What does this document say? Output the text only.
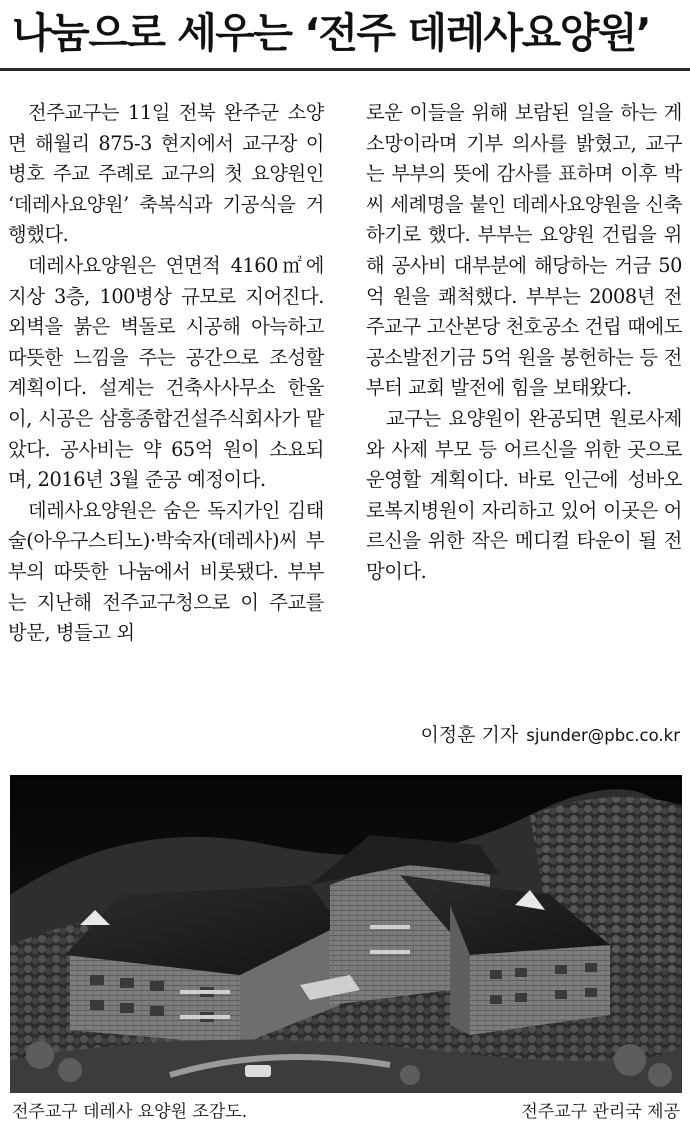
나눔으로 세우는 ‘전주 데레사요양원’

전주교구는 11일 전북 완주군 소양면 해월리 875-3 현지에서 교구장 이병호 주교 주례로 교구의 첫 요양원인 ‘데레사요양원’ 축복식과 기공식을 거행했다.

데레사요양원은 연면적 4160㎡에 지상 3층, 100병상 규모로 지어진다. 외벽을 붉은 벽돌로 시공해 아늑하고 따뜻한 느낌을 주는 공간으로 조성할 계획이다. 설계는 건축사사무소 한울이, 시공은 삼흥종합건설주식회사가 맡았다. 공사비는 약 65억 원이 소요되며, 2016년 3월 준공 예정이다.

데레사요양원은 숨은 독지가인 김태술(아우구스티노)·박숙자(데레사)씨 부부의 따뜻한 나눔에서 비롯됐다. 부부는 지난해 전주교구청으로 이 주교를 방문, 병들고 외

로운 이들을 위해 보람된 일을 하는 게 소망이라며 기부 의사를 밝혔고, 교구는 부부의 뜻에 감사를 표하며 이후 박씨 세례명을 붙인 데레사요양원을 신축하기로 했다. 부부는 요양원 건립을 위해 공사비 대부분에 해당하는 거금 50억 원을 쾌척했다. 부부는 2008년 전주교구 고산본당 천호공소 건립 때에도 공소발전기금 5억 원을 봉헌하는 등 전부터 교회 발전에 힘을 보태왔다.

교구는 요양원이 완공되면 원로사제와 사제 부모 등 어르신을 위한 곳으로 운영할 계획이다. 바로 인근에 성바오로복지병원이 자리하고 있어 이곳은 어르신을 위한 작은 메디컬 타운이 될 전망이다.

이정훈 기자 sjunder@pbc.co.kr
전주교구 데레사 요양원 조감도.	전주교구 관리국 제공
